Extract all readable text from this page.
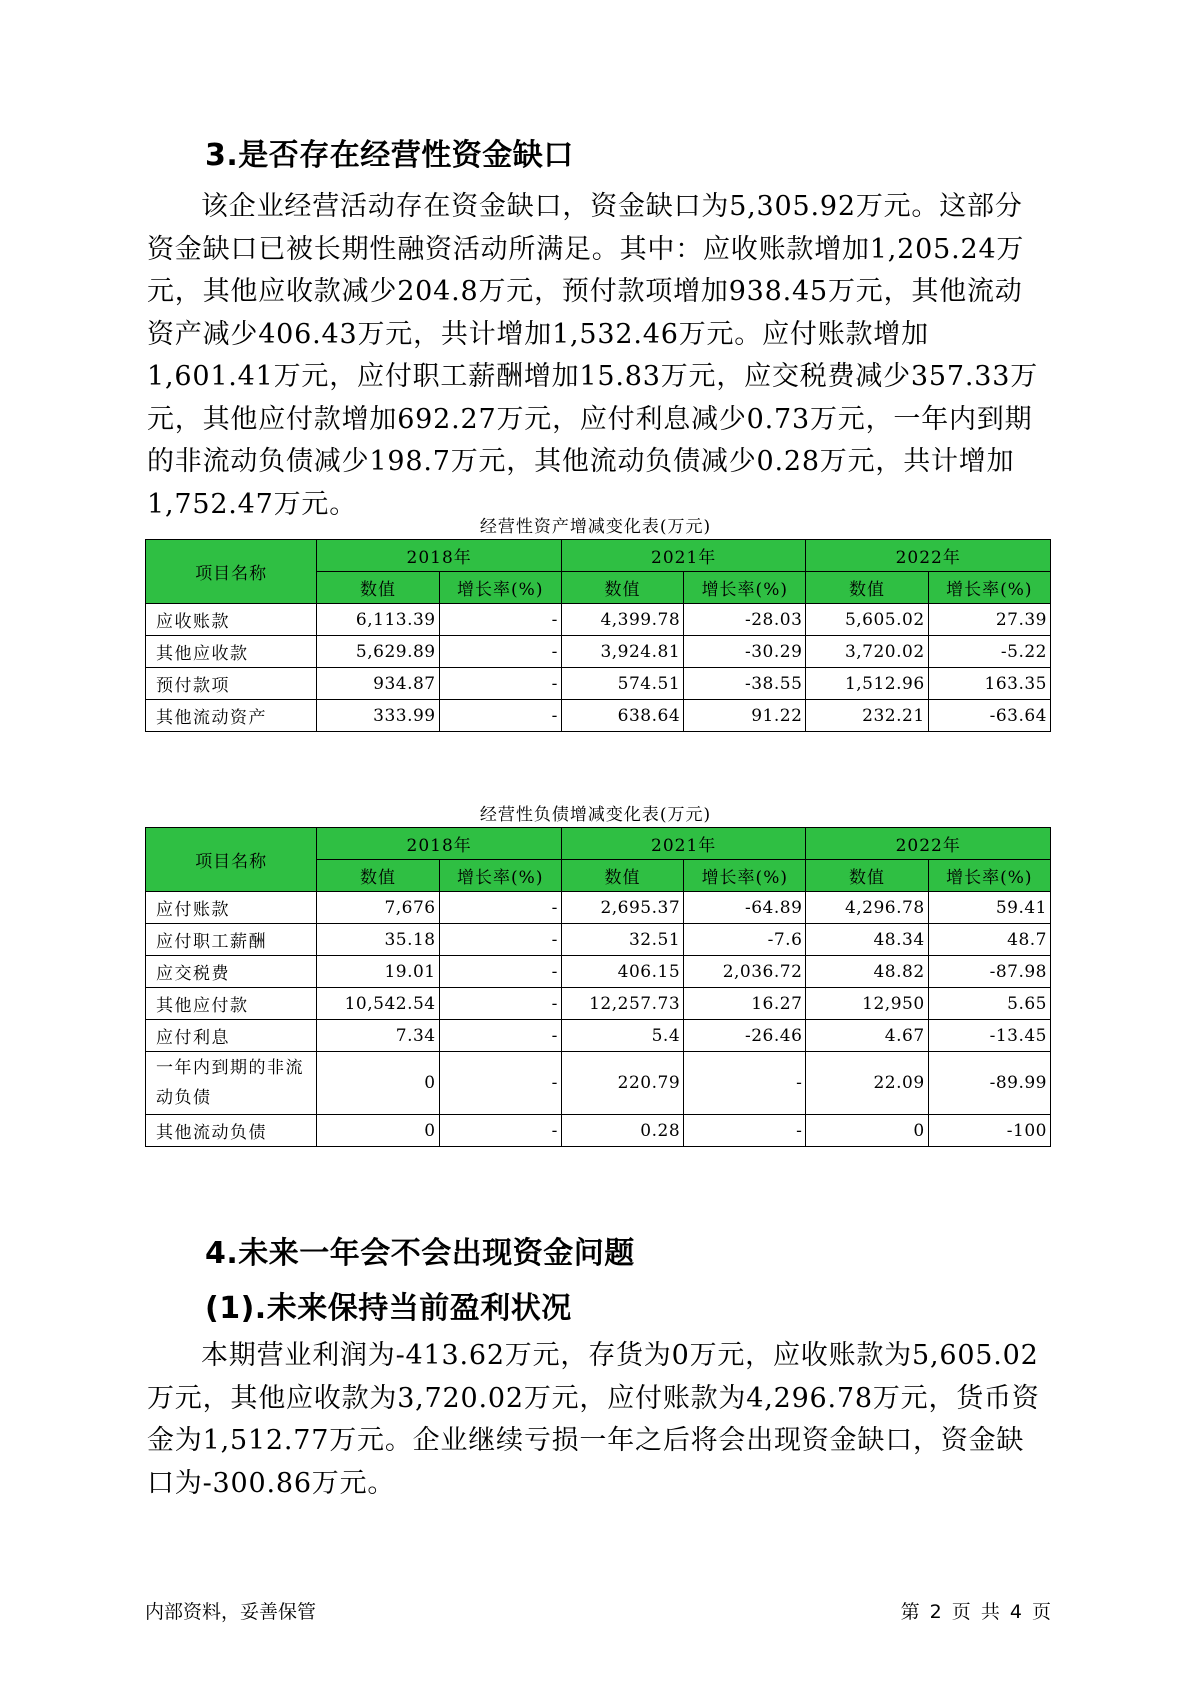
3.是否存在经营性资金缺口

该企业经营活动存在资金缺口，资金缺口为5,305.92万元。这部分资金缺口已被长期性融资活动所满足。其中：应收账款增加1,205.24万元，其他应收款减少204.8万元，预付款项增加938.45万元，其他流动资产减少406.43万元，共计增加1,532.46万元。应付账款增加1,601.41万元，应付职工薪酬增加15.83万元，应交税费减少357.33万元，其他应付款增加692.27万元，应付利息减少0.73万元，一年内到期的非流动负债减少198.7万元，其他流动负债减少0.28万元，共计增加1,752.47万元。

经营性资产增减变化表(万元)
项目名称	2018年		2021年		2022年	
	数值	增长率(%)	数值	增长率(%)	数值	增长率(%)
应收账款	6,113.39	-	4,399.78	-28.03	5,605.02	27.39
其他应收款	5,629.89	-	3,924.81	-30.29	3,720.02	-5.22
预付款项	934.87	-	574.51	-38.55	1,512.96	163.35
其他流动资产	333.99	-	638.64	91.22	232.21	-63.64
经营性负债增减变化表(万元)
项目名称	2018年		2021年		2022年	
	数值	增长率(%)	数值	增长率(%)	数值	增长率(%)
应付账款	7,676	-	2,695.37	-64.89	4,296.78	59.41
应付职工薪酬	35.18	-	32.51	-7.6	48.34	48.7
应交税费	19.01	-	406.15	2,036.72	48.82	-87.98
其他应付款	10,542.54	-	12,257.73	16.27	12,950	5.65
应付利息	7.34	-	5.4	-26.46	4.67	-13.45
一年内到期的非流动负债	0	-	220.79	-	22.09	-89.99
其他流动负债	0	-	0.28	-	0	-100
4.未来一年会不会出现资金问题
(1).未来保持当前盈利状况

本期营业利润为-413.62万元，存货为0万元，应收账款为5,605.02万元，其他应收款为3,720.02万元，应付账款为4,296.78万元，货币资金为1,512.77万元。企业继续亏损一年之后将会出现资金缺口，资金缺口为-300.86万元。

内部资料，妥善保管	第 2 页 共 4 页
